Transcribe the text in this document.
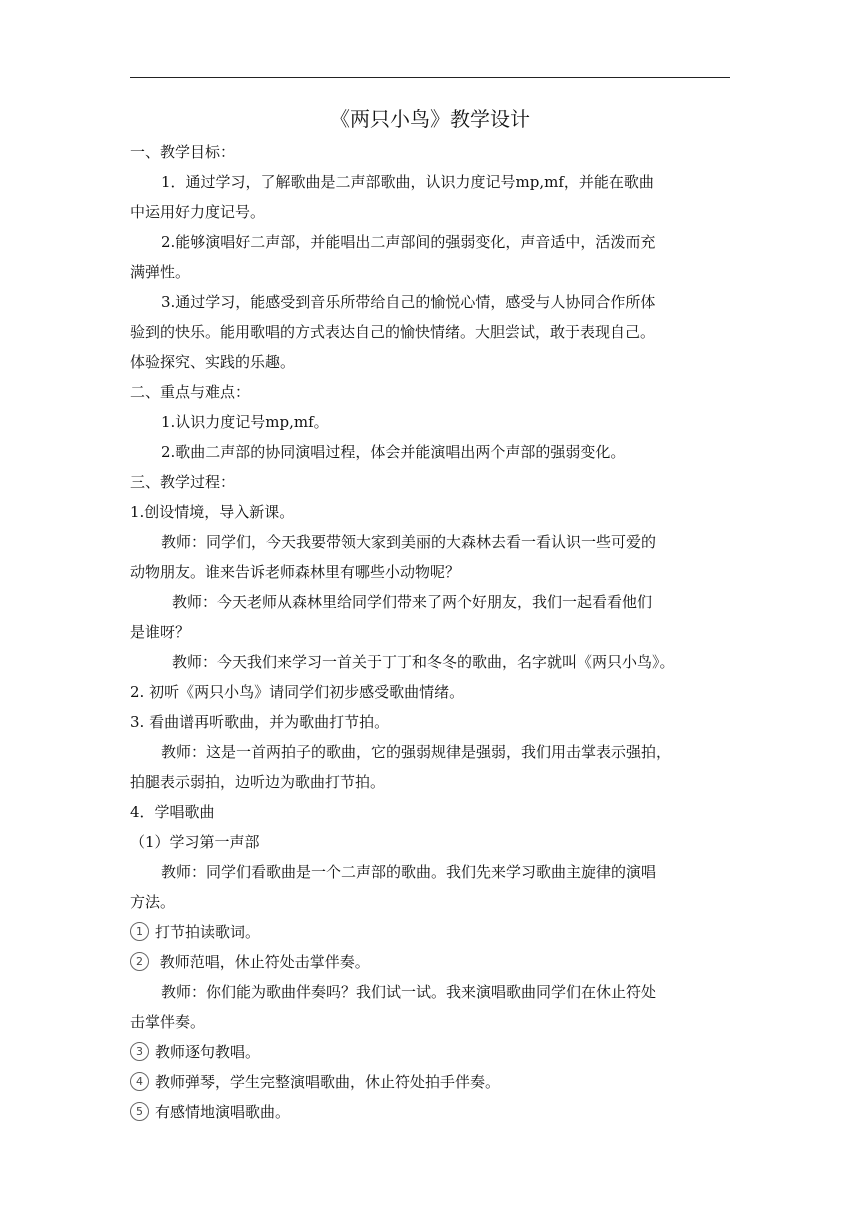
《两只小鸟》教学设计
一、教学目标：
1．通过学习，了解歌曲是二声部歌曲，认识力度记号mp,mf，并能在歌曲
中运用好力度记号。
2.能够演唱好二声部，并能唱出二声部间的强弱变化，声音适中，活泼而充
满弹性。
3.通过学习，能感受到音乐所带给自己的愉悦心情，感受与人协同合作所体
验到的快乐。能用歌唱的方式表达自己的愉快情绪。大胆尝试，敢于表现自己。
体验探究、实践的乐趣。
二、重点与难点：
1.认识力度记号mp,mf。
2.歌曲二声部的协同演唱过程，体会并能演唱出两个声部的强弱变化。
三、教学过程：
1.创设情境，导入新课。
教师：同学们，今天我要带领大家到美丽的大森林去看一看认识一些可爱的
动物朋友。谁来告诉老师森林里有哪些小动物呢？
教师：今天老师从森林里给同学们带来了两个好朋友，我们一起看看他们
是谁呀？
教师：今天我们来学习一首关于丁丁和冬冬的歌曲，名字就叫《两只小鸟》。
2. 初听《两只小鸟》请同学们初步感受歌曲情绪。
3. 看曲谱再听歌曲，并为歌曲打节拍。
教师：这是一首两拍子的歌曲，它的强弱规律是强弱，我们用击掌表示强拍，
拍腿表示弱拍，边听边为歌曲打节拍。
4．学唱歌曲
（1）学习第一声部
教师：同学们看歌曲是一个二声部的歌曲。我们先来学习歌曲主旋律的演唱
方法。
1 打节拍读歌词。
2 教师范唱，休止符处击掌伴奏。
教师：你们能为歌曲伴奏吗？我们试一试。我来演唱歌曲同学们在休止符处
击掌伴奏。
3 教师逐句教唱。
4 教师弹琴，学生完整演唱歌曲，休止符处拍手伴奏。
5 有感情地演唱歌曲。
